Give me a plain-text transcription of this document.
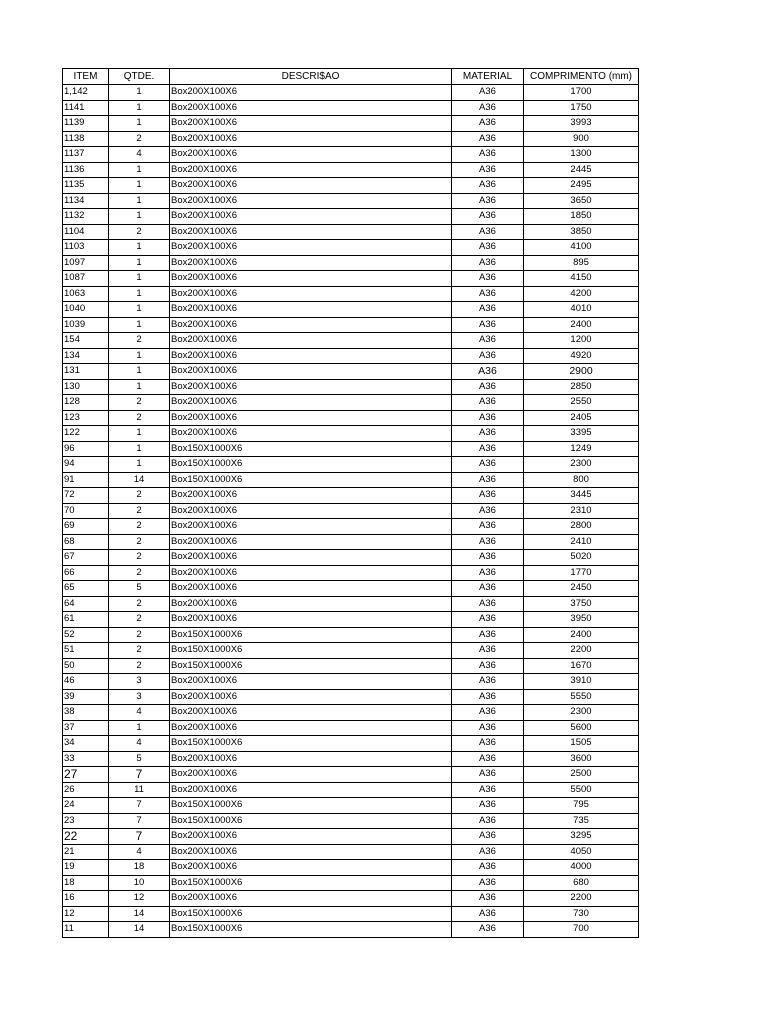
ITEM	QTDE.	DESCRI$AO	MATERIAL	COMPRIMENTO (mm)
1,142	1	Box200X100X6	A36	1700
1141	1	Box200X100X6	A36	1750
1139	1	Box200X100X6	A36	3993
1138	2	Box200X100X6	A36	900
1137	4	Box200X100X6	A36	1300
1136	1	Box200X100X6	A36	2445
1135	1	Box200X100X6	A36	2495
1134	1	Box200X100X6	A36	3650
1132	1	Box200X100X6	A36	1850
1104	2	Box200X100X6	A36	3850
1103	1	Box200X100X6	A36	4100
1097	1	Box200X100X6	A36	895
1087	1	Box200X100X6	A36	4150
1063	1	Box200X100X6	A36	4200
1040	1	Box200X100X6	A36	4010
1039	1	Box200X100X6	A36	2400
154	2	Box200X100X6	A36	1200
134	1	Box200X100X6	A36	4920
131	1	Box200X100X6	A36	2900
130	1	Box200X100X6	A36	2850
128	2	Box200X100X6	A36	2550
123	2	Box200X100X6	A36	2405
122	1	Box200X100X6	A36	3395
96	1	Box150X1000X6	A36	1249
94	1	Box150X1000X6	A36	2300
91	14	Box150X1000X6	A36	800
72	2	Box200X100X6	A36	3445
70	2	Box200X100X6	A36	2310
69	2	Box200X100X6	A36	2800
68	2	Box200X100X6	A36	2410
67	2	Box200X100X6	A36	5020
66	2	Box200X100X6	A36	1770
65	5	Box200X100X6	A36	2450
64	2	Box200X100X6	A36	3750
61	2	Box200X100X6	A36	3950
52	2	Box150X1000X6	A36	2400
51	2	Box150X1000X6	A36	2200
50	2	Box150X1000X6	A36	1670
46	3	Box200X100X6	A36	3910
39	3	Box200X100X6	A36	5550
38	4	Box200X100X6	A36	2300
37	1	Box200X100X6	A36	5600
34	4	Box150X1000X6	A36	1505
33	5	Box200X100X6	A36	3600
27	7	Box200X100X6	A36	2500
26	11	Box200X100X6	A36	5500
24	7	Box150X1000X6	A36	795
23	7	Box150X1000X6	A36	735
22	7	Box200X100X6	A36	3295
21	4	Box200X100X6	A36	4050
19	18	Box200X100X6	A36	4000
18	10	Box150X1000X6	A36	680
16	12	Box200X100X6	A36	2200
12	14	Box150X1000X6	A36	730
11	14	Box150X1000X6	A36	700
